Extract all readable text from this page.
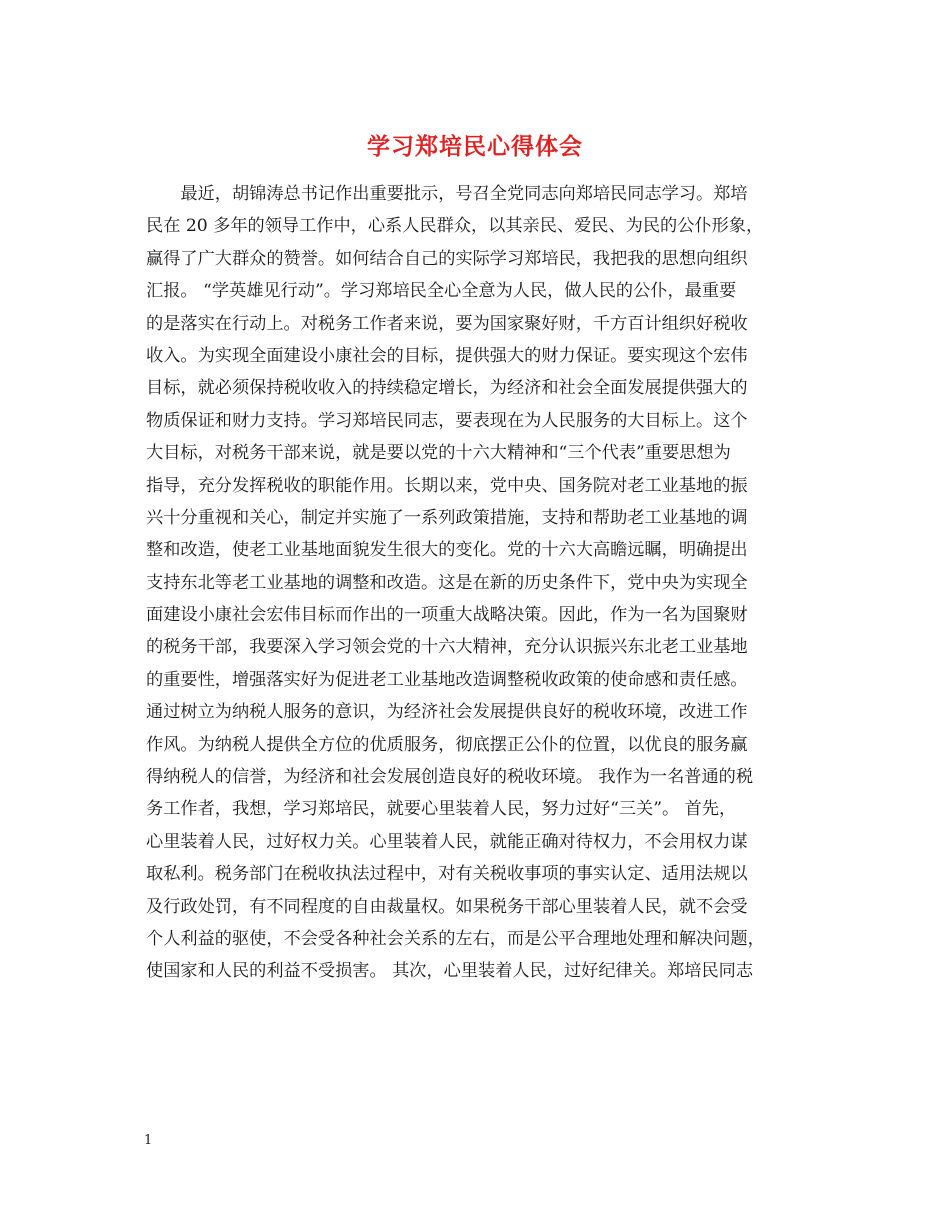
学习郑培民心得体会
　　最近，胡锦涛总书记作出重要批示，号召全党同志向郑培民同志学习。郑培
民在 20 多年的领导工作中，心系人民群众，以其亲民、爱民、为民的公仆形象，
赢得了广大群众的赞誉。如何结合自己的实际学习郑培民，我把我的思想向组织
汇报。 “学英雄见行动”。学习郑培民全心全意为人民，做人民的公仆，最重要
的是落实在行动上。对税务工作者来说，要为国家聚好财，千方百计组织好税收
收入。为实现全面建设小康社会的目标，提供强大的财力保证。要实现这个宏伟
目标，就必须保持税收收入的持续稳定增长，为经济和社会全面发展提供强大的
物质保证和财力支持。学习郑培民同志，要表现在为人民服务的大目标上。这个
大目标，对税务干部来说，就是要以党的十六大精神和“三个代表”重要思想为
指导，充分发挥税收的职能作用。长期以来，党中央、国务院对老工业基地的振
兴十分重视和关心，制定并实施了一系列政策措施，支持和帮助老工业基地的调
整和改造，使老工业基地面貌发生很大的变化。党的十六大高瞻远瞩，明确提出
支持东北等老工业基地的调整和改造。这是在新的历史条件下，党中央为实现全
面建设小康社会宏伟目标而作出的一项重大战略决策。因此，作为一名为国聚财
的税务干部，我要深入学习领会党的十六大精神，充分认识振兴东北老工业基地
的重要性，增强落实好为促进老工业基地改造调整税收政策的使命感和责任感。
通过树立为纳税人服务的意识，为经济社会发展提供良好的税收环境，改进工作
作风。为纳税人提供全方位的优质服务，彻底摆正公仆的位置，以优良的服务赢
得纳税人的信誉，为经济和社会发展创造良好的税收环境。 我作为一名普通的税
务工作者，我想，学习郑培民，就要心里装着人民，努力过好“三关”。 首先，
心里装着人民，过好权力关。心里装着人民，就能正确对待权力，不会用权力谋
取私利。税务部门在税收执法过程中，对有关税收事项的事实认定、适用法规以
及行政处罚，有不同程度的自由裁量权。如果税务干部心里装着人民，就不会受
个人利益的驱使，不会受各种社会关系的左右，而是公平合理地处理和解决问题，
使国家和人民的利益不受损害。 其次，心里装着人民，过好纪律关。郑培民同志
1
